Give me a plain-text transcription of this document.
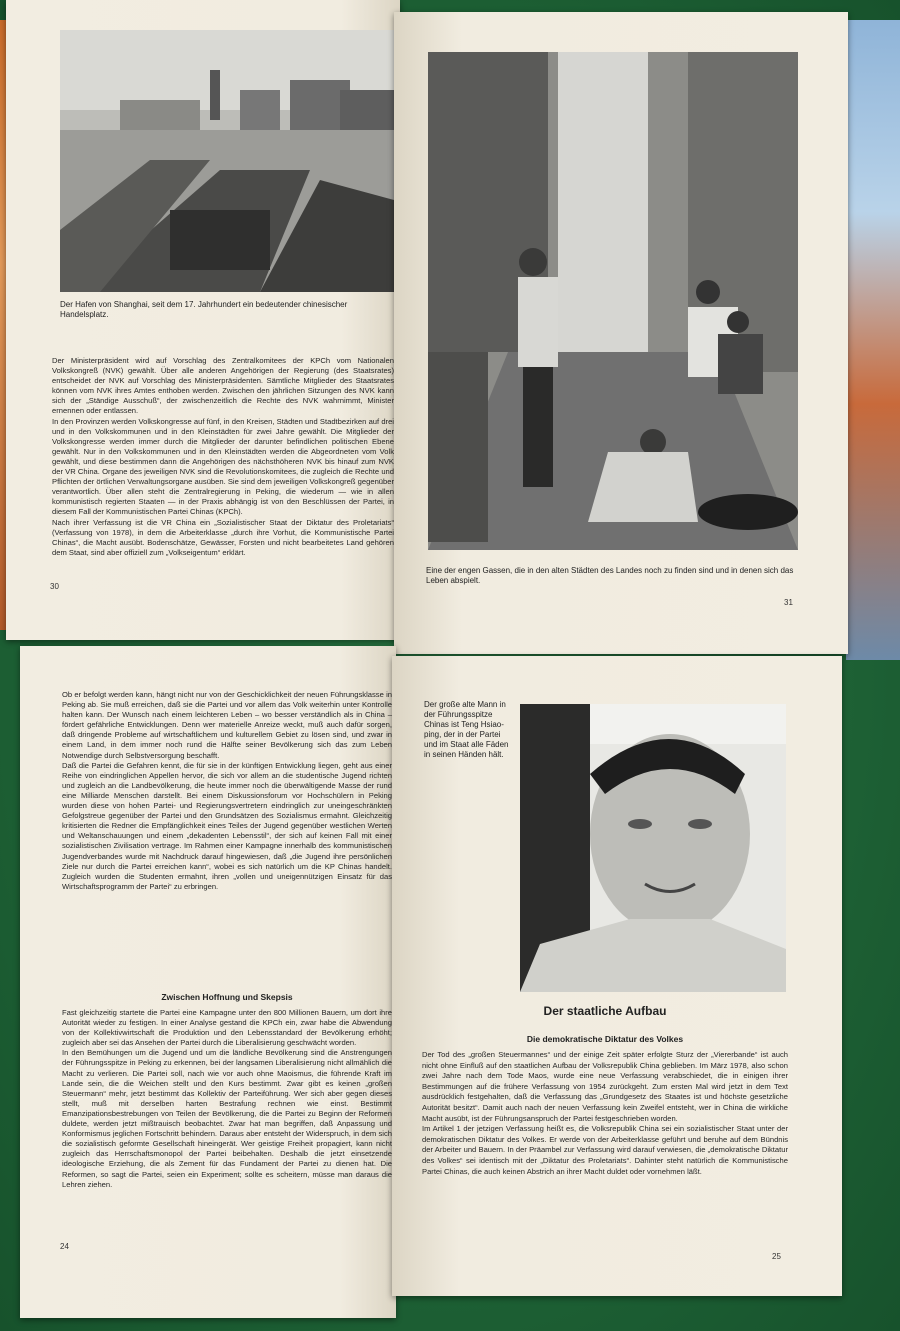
Der Hafen von Shanghai, seit dem 17. Jahrhundert ein bedeutender chinesischer Handelsplatz.
Der Ministerpräsident wird auf Vorschlag des Zentralkomitees der KPCh vom Nationalen Volkskongreß (NVK) gewählt. Über alle anderen Angehörigen der Regierung (des Staatsrates) entscheidet der NVK auf Vorschlag des Ministerpräsidenten. Sämtliche Mitglieder des Staatsrates können vom NVK ihres Amtes enthoben werden. Zwischen den jährlichen Sitzungen des NVK kann sich der „Ständige Ausschuß“, der zwischenzeitlich die Rechte des NVK wahrnimmt, Minister ernennen oder entlassen.
In den Provinzen werden Volkskongresse auf fünf, in den Kreisen, Städten und Stadtbezirken auf drei und in den Volkskommunen und in den Kleinstädten für zwei Jahre gewählt. Die Mitglieder der Volkskongresse werden immer durch die Mitglieder der darunter befindlichen politischen Ebene gewählt. Nur in den Volkskommunen und in den Kleinstädten werden die Abgeordneten vom Volk gewählt, und diese bestimmen dann die Angehörigen des nächsthöheren NVK bis hinauf zum NVK der VR China. Organe des jeweiligen NVK sind die Revolutionskomitees, die zugleich die Rechte und Pflichten der örtlichen Verwaltungsorgane ausüben. Sie sind dem jeweiligen Volkskongreß gegenüber verantwortlich. Über allen steht die Zentralregierung in Peking, die wiederum — wie in allen kommunistisch regierten Staaten — in der Praxis abhängig ist von den Beschlüssen der Partei, in diesem Fall der Kommunistischen Partei Chinas (KPCh).
Nach ihrer Verfassung ist die VR China ein „Sozialistischer Staat der Diktatur des Proletariats“ (Verfassung von 1978), in dem die Arbeiterklasse „durch ihre Vorhut, die Kommunistische Partei Chinas“, die Macht ausübt. Bodenschätze, Gewässer, Forsten und nicht bearbeitetes Land gehören dem Staat, sind aber offiziell zum „Volkseigentum“ erklärt.
30
Eine der engen Gassen, die in den alten Städten des Landes noch zu finden sind und in denen sich das Leben abspielt.
31
Ob er befolgt werden kann, hängt nicht nur von der Geschicklichkeit der neuen Führungsklasse in Peking ab. Sie muß erreichen, daß sie die Partei und vor allem das Volk weiterhin unter Kontrolle halten kann. Der Wunsch nach einem leichteren Leben – wo besser verständlich als in China – fördert gefährliche Entwicklungen. Denn wer materielle Anreize weckt, muß auch dafür sorgen, daß dringende Probleme auf wirtschaftlichem und kulturellem Gebiet zu lösen sind, und zwar in einem Land, in dem immer noch rund die Hälfte seiner Bevölkerung sich das zum Leben Notwendige durch Selbstversorgung beschafft.
Daß die Partei die Gefahren kennt, die für sie in der künftigen Entwicklung liegen, geht aus einer Reihe von eindringlichen Appellen hervor, die sich vor allem an die studentische Jugend richten und zugleich an die Landbevölkerung, die heute immer noch die überwältigende Masse der rund eine Milliarde Menschen darstellt. Bei einem Diskussionsforum vor Hochschülern in Peking wurden diese von hohen Partei- und Regierungsvertretern eindringlich zur uneingeschränkten Gefolgstreue gegenüber der Partei und den Grundsätzen des Sozialismus ermahnt. Gleichzeitig kritisierten die Redner die Empfänglichkeit eines Teiles der Jugend gegenüber westlichen Werten und Weltanschauungen und einem „dekadenten Lebensstil“, der sich auf keinen Fall mit einer sozialistischen Zivilisation vertrage. Im Rahmen einer Kampagne innerhalb des kommunistischen Jugendverbandes wurde mit Nachdruck darauf hingewiesen, daß „die Jugend ihre persönlichen Ziele nur durch die Partei erreichen kann“, wobei es sich natürlich um die KP Chinas handelt. Zugleich wurden die Studenten ermahnt, ihren „vollen und uneigennützigen Einsatz für das Wirtschaftsprogramm der Partei“ zu erbringen.
Zwischen Hoffnung und Skepsis
Fast gleichzeitig startete die Partei eine Kampagne unter den 800 Millionen Bauern, um dort ihre Autorität wieder zu festigen. In einer Analyse gestand die KPCh ein, zwar habe die Abwendung von der Kollektivwirtschaft die Produktion und den Lebensstandard der Bevölkerung erhöht; zugleich aber sei das Ansehen der Partei durch die Liberalisierung geschwächt worden.
In den Bemühungen um die Jugend und um die ländliche Bevölkerung sind die Anstrengungen der Führungsspitze in Peking zu erkennen, bei der langsamen Liberalisierung nicht allmählich die Macht zu verlieren. Die Partei soll, nach wie vor auch ohne Maoismus, die führende Kraft im Lande sein, die die Weichen stellt und den Kurs bestimmt. Zwar gibt es keinen „großen Steuermann“ mehr, jetzt bestimmt das Kollektiv der Parteiführung. Wer sich aber gegen dieses stellt, muß mit derselben harten Bestrafung rechnen wie einst. Bestimmt Emanzipationsbestrebungen von Teilen der Bevölkerung, die die Partei zu Beginn der Reformen duldete, werden jetzt mißtrauisch beobachtet. Zwar hat man begriffen, daß Anpassung und Konformismus jeglichen Fortschritt behindern. Daraus aber entsteht der Widerspruch, in dem sich die sozialistisch geformte Gesellschaft hineingerät. Wer geistige Freiheit propagiert, kann nicht zugleich das Herrschaftsmonopol der Partei beibehalten. Deshalb die jetzt einsetzende ideologische Erziehung, die als Zement für das Fundament der Partei zu dienen hat. Die Reformen, so sagt die Partei, seien ein Experiment; sollte es scheitern, müsse man daraus die Lehren ziehen.
24
Der große alte Mann in der Führungsspitze Chinas ist Teng Hsiao-ping, der in der Partei und im Staat alle Fäden in seinen Händen hält.
Der staatliche Aufbau
Die demokratische Diktatur des Volkes
Der Tod des „großen Steuermannes“ und der einige Zeit später erfolgte Sturz der „Viererbande“ ist auch nicht ohne Einfluß auf den staatlichen Aufbau der Volksrepublik China geblieben. Im März 1978, also schon zwei Jahre nach dem Tode Maos, wurde eine neue Verfassung verabschiedet, die in einigen ihrer Bestimmungen auf die frühere Verfassung von 1954 zurückgeht. Zum ersten Mal wird jetzt in dem Text ausdrücklich festgehalten, daß die Verfassung das „Grundgesetz des Staates ist und höchste gesetzliche Autorität besitzt“. Damit auch nach der neuen Verfassung kein Zweifel entsteht, wer in China die wirkliche Macht ausübt, ist der Führungsanspruch der Partei festgeschrieben worden.
Im Artikel 1 der jetzigen Verfassung heißt es, die Volksrepublik China sei ein sozialistischer Staat unter der demokratischen Diktatur des Volkes. Er werde von der Arbeiterklasse geführt und beruhe auf dem Bündnis der Arbeiter und Bauern. In der Präambel zur Verfassung wird darauf verwiesen, die „demokratische Diktatur des Volkes“ sei identisch mit der „Diktatur des Proletariats“. Dahinter steht natürlich die Kommunistische Partei Chinas, die auch keinen Abstrich an ihrer Macht duldet oder vornehmen läßt.
25
